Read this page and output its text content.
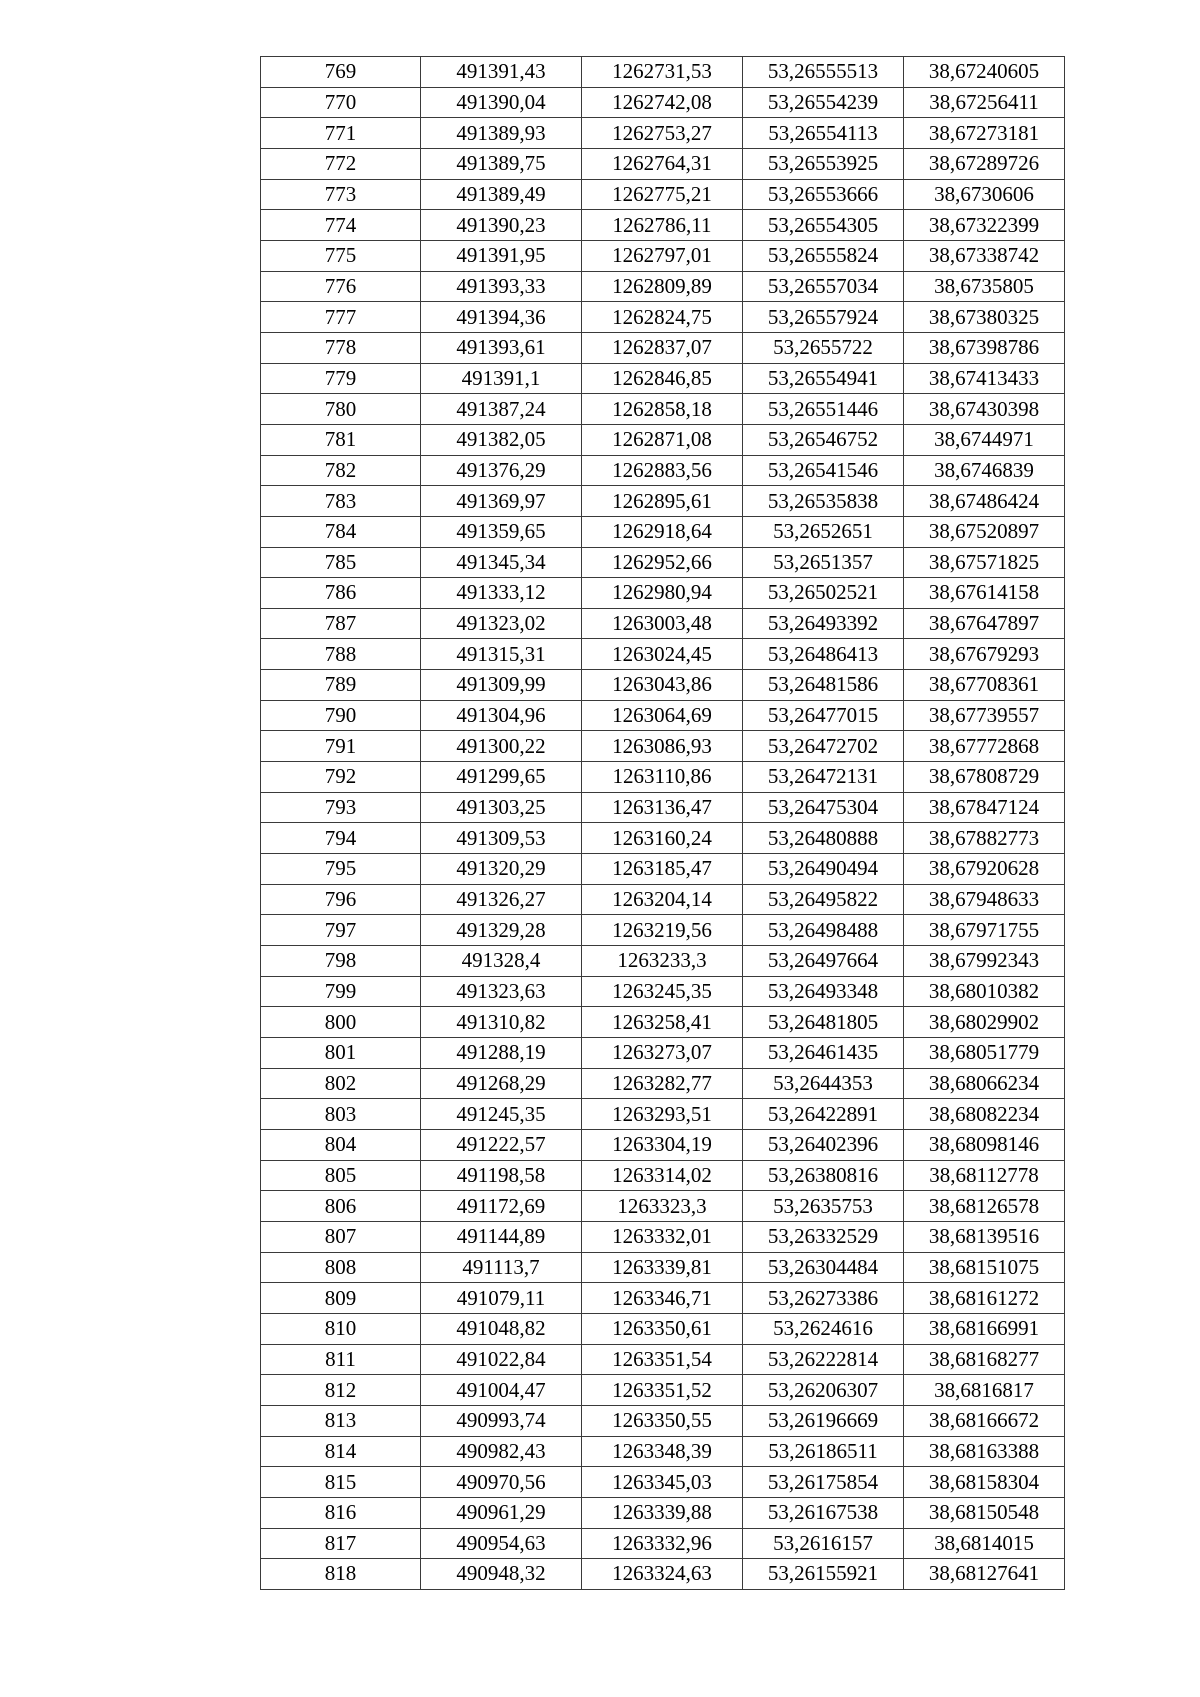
769	491391,43	1262731,53	53,26555513	38,67240605
770	491390,04	1262742,08	53,26554239	38,67256411
771	491389,93	1262753,27	53,26554113	38,67273181
772	491389,75	1262764,31	53,26553925	38,67289726
773	491389,49	1262775,21	53,26553666	38,6730606
774	491390,23	1262786,11	53,26554305	38,67322399
775	491391,95	1262797,01	53,26555824	38,67338742
776	491393,33	1262809,89	53,26557034	38,6735805
777	491394,36	1262824,75	53,26557924	38,67380325
778	491393,61	1262837,07	53,2655722	38,67398786
779	491391,1	1262846,85	53,26554941	38,67413433
780	491387,24	1262858,18	53,26551446	38,67430398
781	491382,05	1262871,08	53,26546752	38,6744971
782	491376,29	1262883,56	53,26541546	38,6746839
783	491369,97	1262895,61	53,26535838	38,67486424
784	491359,65	1262918,64	53,2652651	38,67520897
785	491345,34	1262952,66	53,2651357	38,67571825
786	491333,12	1262980,94	53,26502521	38,67614158
787	491323,02	1263003,48	53,26493392	38,67647897
788	491315,31	1263024,45	53,26486413	38,67679293
789	491309,99	1263043,86	53,26481586	38,67708361
790	491304,96	1263064,69	53,26477015	38,67739557
791	491300,22	1263086,93	53,26472702	38,67772868
792	491299,65	1263110,86	53,26472131	38,67808729
793	491303,25	1263136,47	53,26475304	38,67847124
794	491309,53	1263160,24	53,26480888	38,67882773
795	491320,29	1263185,47	53,26490494	38,67920628
796	491326,27	1263204,14	53,26495822	38,67948633
797	491329,28	1263219,56	53,26498488	38,67971755
798	491328,4	1263233,3	53,26497664	38,67992343
799	491323,63	1263245,35	53,26493348	38,68010382
800	491310,82	1263258,41	53,26481805	38,68029902
801	491288,19	1263273,07	53,26461435	38,68051779
802	491268,29	1263282,77	53,2644353	38,68066234
803	491245,35	1263293,51	53,26422891	38,68082234
804	491222,57	1263304,19	53,26402396	38,68098146
805	491198,58	1263314,02	53,26380816	38,68112778
806	491172,69	1263323,3	53,2635753	38,68126578
807	491144,89	1263332,01	53,26332529	38,68139516
808	491113,7	1263339,81	53,26304484	38,68151075
809	491079,11	1263346,71	53,26273386	38,68161272
810	491048,82	1263350,61	53,2624616	38,68166991
811	491022,84	1263351,54	53,26222814	38,68168277
812	491004,47	1263351,52	53,26206307	38,6816817
813	490993,74	1263350,55	53,26196669	38,68166672
814	490982,43	1263348,39	53,26186511	38,68163388
815	490970,56	1263345,03	53,26175854	38,68158304
816	490961,29	1263339,88	53,26167538	38,68150548
817	490954,63	1263332,96	53,2616157	38,6814015
818	490948,32	1263324,63	53,26155921	38,68127641
